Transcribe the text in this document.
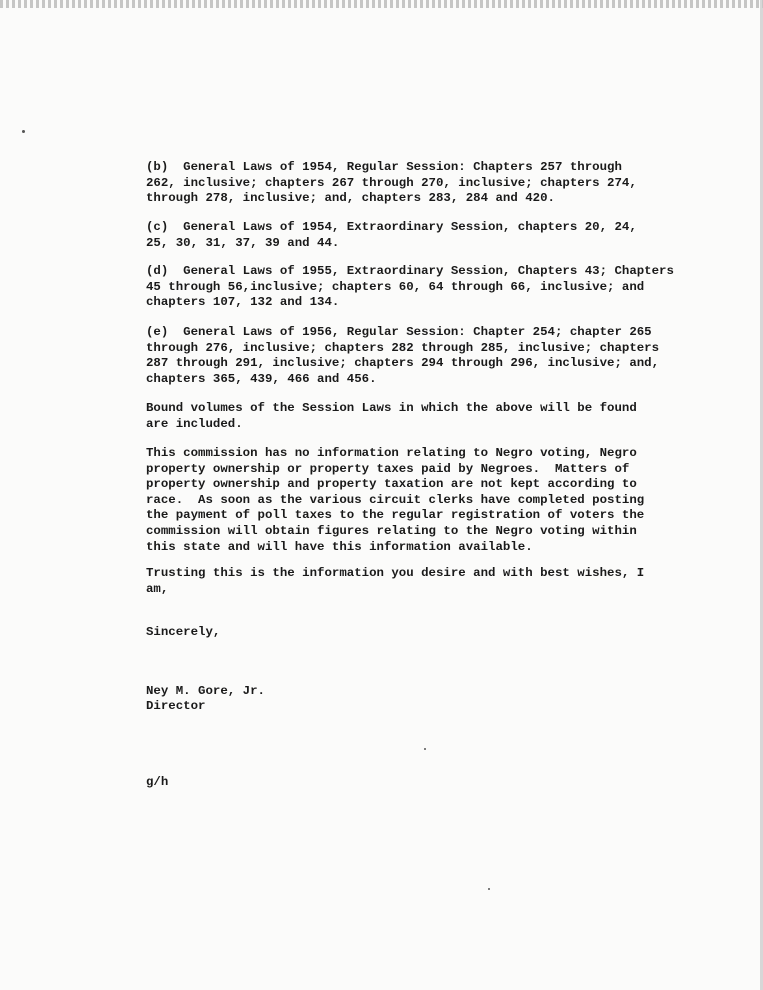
(b)  General Laws of 1954, Regular Session: Chapters 257 through
262, inclusive; chapters 267 through 270, inclusive; chapters 274,
through 278, inclusive; and, chapters 283, 284 and 420.

(c)  General Laws of 1954, Extraordinary Session, chapters 20, 24,
25, 30, 31, 37, 39 and 44.

(d)  General Laws of 1955, Extraordinary Session, Chapters 43; Chapters
45 through 56,inclusive; chapters 60, 64 through 66, inclusive; and
chapters 107, 132 and 134.

(e)  General Laws of 1956, Regular Session: Chapter 254; chapter 265
through 276, inclusive; chapters 282 through 285, inclusive; chapters
287 through 291, inclusive; chapters 294 through 296, inclusive; and,
chapters 365, 439, 466 and 456.

Bound volumes of the Session Laws in which the above will be found
are included.

This commission has no information relating to Negro voting, Negro
property ownership or property taxes paid by Negroes.  Matters of
property ownership and property taxation are not kept according to
race.  As soon as the various circuit clerks have completed posting
the payment of poll taxes to the regular registration of voters the
commission will obtain figures relating to the Negro voting within
this state and will have this information available.

Trusting this is the information you desire and with best wishes, I
am,

Sincerely,

Ney M. Gore, Jr.

Director

g/h
